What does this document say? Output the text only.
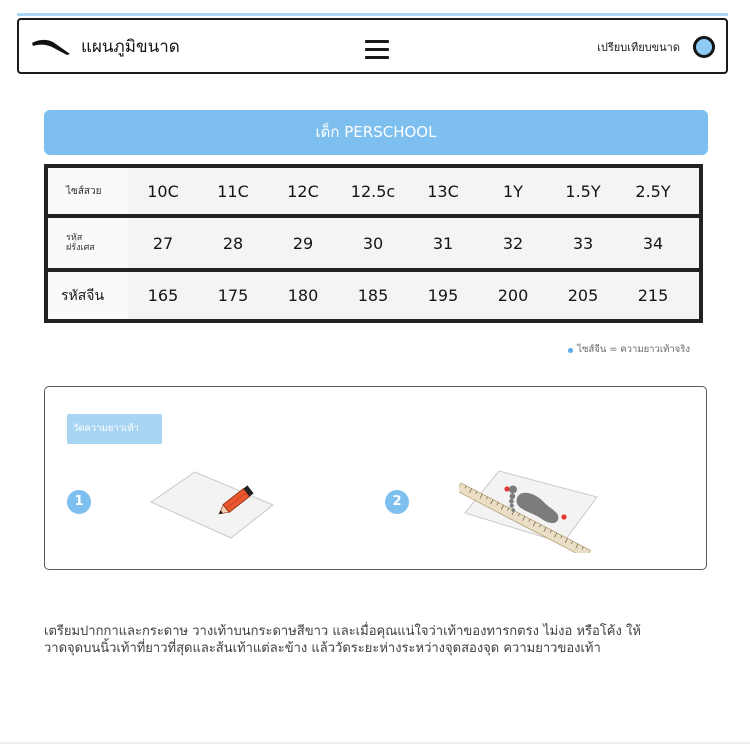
แผนภูมิขนาด	เปรียบเทียบขนาด
เด็ก PERSCHOOL
ไซส์สวย	10C	11C	12C	12.5c	13C	1Y	1.5Y	2.5Y
รหัส
ฝรั่งเศส	27	28	29	30	31	32	33	34
รหัสจีน	165	175	180	185	195	200	205	215
ไซส์จีน = ความยาวเท้าจริง
วัดความยาวเท้า
1	2
เตรียมปากกาและกระดาษ วางเท้าบนกระดาษสีขาว และเมื่อคุณแน่ใจว่าเท้าของทารกตรง ไม่งอ หรือโค้ง ให้
วาดจุดบนนิ้วเท้าที่ยาวที่สุดและส้นเท้าแต่ละข้าง แล้ววัดระยะห่างระหว่างจุดสองจุด ความยาวของเท้า
